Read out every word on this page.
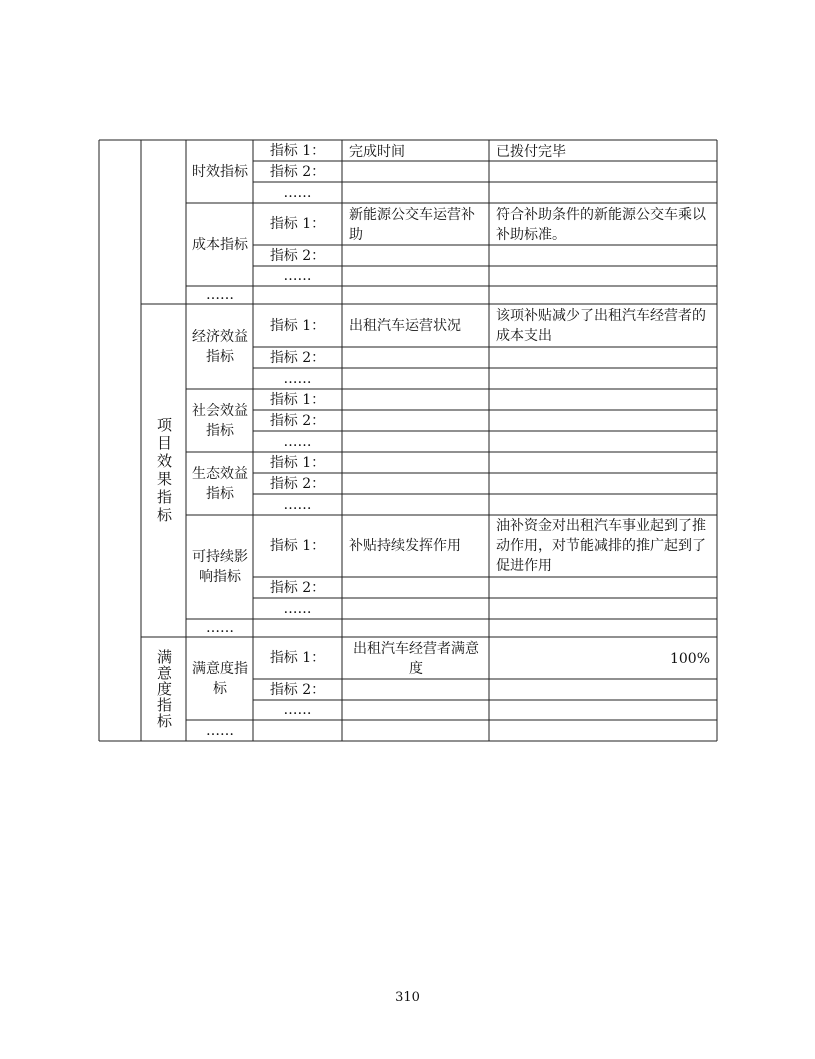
项目效果指标
满意度指标
时效指标
成本指标
……
经济效益指标
社会效益指标
生态效益指标
可持续影响指标
……
满意度指标
……
指标 1：
指标 2：
……
指标 1：
指标 2：
……
指标 1：
指标 2：
……
指标 1：
指标 2：
……
指标 1：
指标 2：
……
指标 1：
指标 2：
……
指标 1：
指标 2：
……
完成时间
新能源公交车运营补助
出租汽车运营状况
补贴持续发挥作用
出租汽车经营者满意度
已拨付完毕
符合补助条件的新能源公交车乘以补助标准。
该项补贴减少了出租汽车经营者的成本支出
油补资金对出租汽车事业起到了推动作用，对节能减排的推广起到了促进作用
100%
310
